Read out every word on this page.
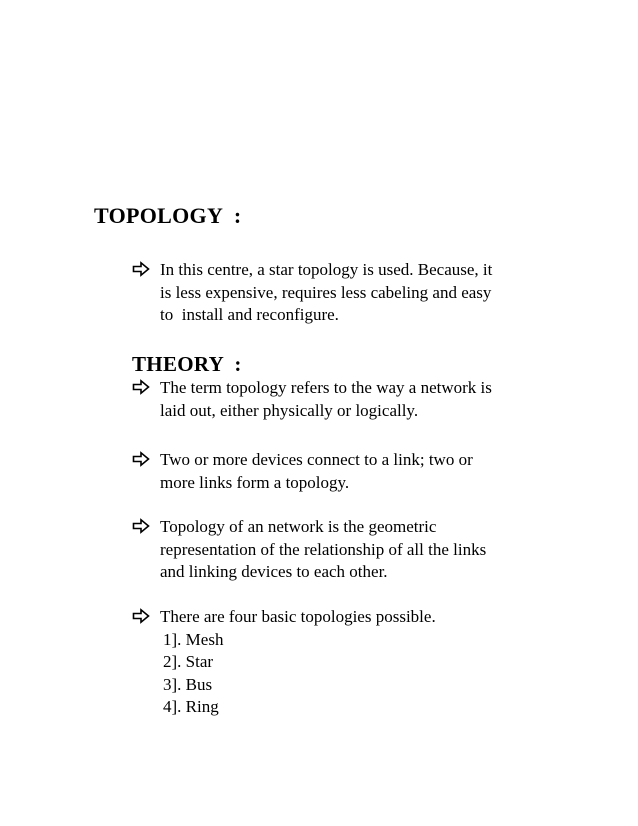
TOPOLOGY  :
In this centre, a star topology is used. Because, it
is less expensive, requires less cabeling and easy
to  install and reconfigure.
THEORY  :
The term topology refers to the way a network is
laid out, either physically or logically.
Two or more devices connect to a link; two or
more links form a topology.
Topology of an network is the geometric
representation of the relationship of all the links
and linking devices to each other.
There are four basic topologies possible.
1]. Mesh
2]. Star
3]. Bus
4]. Ring
